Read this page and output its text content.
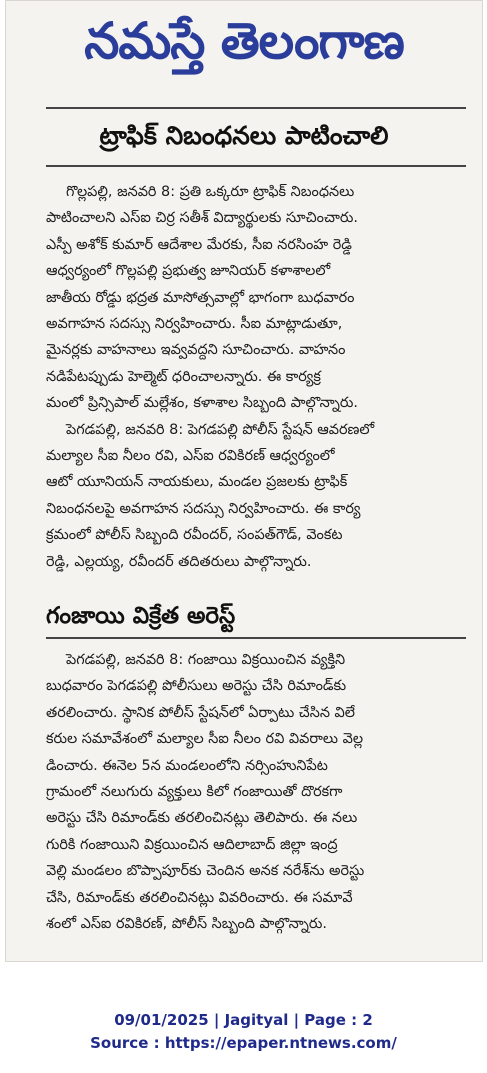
నమస్తే తెలంగాణ
ట్రాఫిక్ నిబంధనలు పాటించాలి
గొల్లపల్లి, జనవరి 8: ప్రతి ఒక్కరూ ట్రాఫిక్ నిబంధనలు
పాటించాలని ఎస్ఐ చిర్ర సతీశ్ విద్యార్థులకు సూచించారు.
ఎస్పీ అశోక్ కుమార్ ఆదేశాల మేరకు, సీఐ నరసింహ రెడ్డి
ఆధ్వర్యంలో గొల్లపల్లి ప్రభుత్వ జూనియర్ కళాశాలలో
జాతీయ రోడ్డు భద్రత మాసోత్సవాల్లో భాగంగా బుధవారం
అవగాహన సదస్సు నిర్వహించారు. సీఐ మాట్లాడుతూ,
మైనర్లకు వాహనాలు ఇవ్వవద్దని సూచించారు. వాహనం
నడిపేటప్పుడు హెల్మెట్ ధరించాలన్నారు. ఈ కార్యక్ర
మంలో ప్రిన్సిపాల్ మల్లేశం, కళాశాల సిబ్బంది పాల్గొన్నారు.
పెగడపల్లి, జనవరి 8: పెగడపల్లి పోలీస్ స్టేషన్ ఆవరణలో
మల్యాల సీఐ నీలం రవి, ఎస్ఐ రవికిరణ్ ఆధ్వర్యంలో
ఆటో యూనియన్ నాయకులు, మండల ప్రజలకు ట్రాఫిక్
నిబంధనలపై అవగాహన సదస్సు నిర్వహించారు. ఈ కార్య
క్రమంలో పోలీస్ సిబ్బంది రవీందర్, సంపత్‌గౌడ్, వెంకట
రెడ్డి, ఎల్లయ్య, రవీందర్ తదితరులు పాల్గొన్నారు.
గంజాయి విక్రేత అరెస్ట్
పెగడపల్లి, జనవరి 8: గంజాయి విక్రయించిన వ్యక్తిని
బుధవారం పెగడపల్లి పోలీసులు అరెస్టు చేసి రిమాండ్‌కు
తరలించారు. స్థానిక పోలీస్ స్టేషన్‌లో ఏర్పాటు చేసిన విలే
కరుల సమావేశంలో మల్యాల సీఐ నీలం రవి వివరాలు వెల్ల
డించారు. ఈనెల 5న మండలంలోని నర్సింహునిపేట
గ్రామంలో నలుగురు వ్యక్తులు కిలో గంజాయితో దొరకగా
అరెస్టు చేసి రిమాండ్‌కు తరలించినట్లు తెలిపారు. ఈ నలు
గురికి గంజాయిని విక్రయించిన ఆదిలాబాద్ జిల్లా ఇంద్ర
వెల్లి మండలం బొప్పాపూర్‌కు చెందిన అనక నరేశ్‌ను అరెస్టు
చేసి, రిమాండ్‌కు తరలించినట్లు వివరించారు. ఈ సమావే
శంలో ఎస్ఐ రవికిరణ్, పోలీస్ సిబ్బంది పాల్గొన్నారు.
09/01/2025 | Jagityal | Page : 2
Source : https://epaper.ntnews.com/
